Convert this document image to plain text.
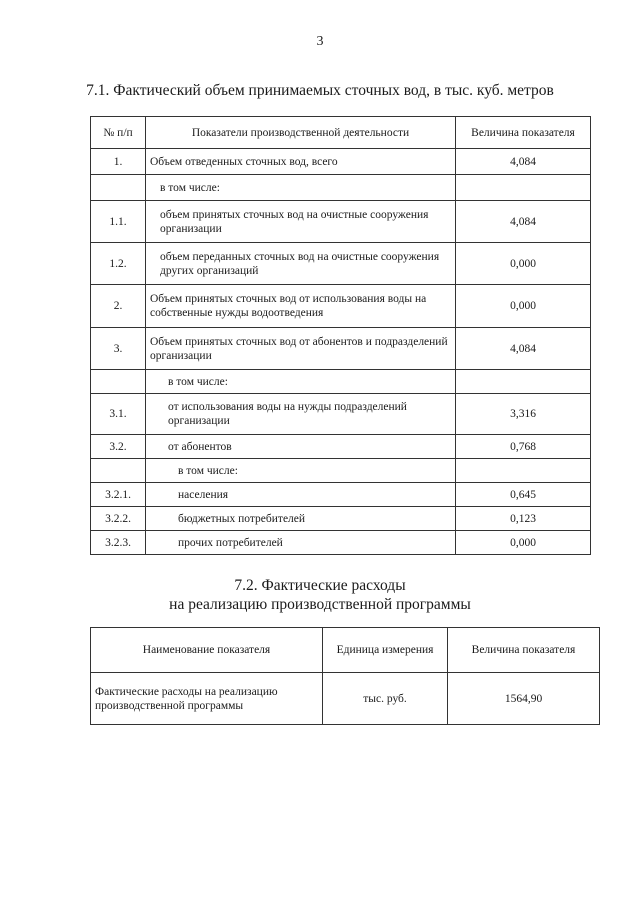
3
7.1. Фактический объем принимаемых сточных вод, в тыс. куб. метров
№ п/п	Показатели производственной деятельности	Величина показателя
1.	Объем отведенных сточных вод, всего	4,084
	в том числе:	
1.1.	объем принятых сточных вод на очистные сооружения организации	4,084
1.2.	объем переданных сточных вод на очистные сооружения других организаций	0,000
2.	Объем принятых сточных вод от использования воды на собственные нужды водоотведения	0,000
3.	Объем принятых сточных вод от абонентов и подразделений организации	4,084
	в том числе:	
3.1.	от использования воды на нужды подразделений организации	3,316
3.2.	от абонентов	0,768
	в том числе:	
3.2.1.	населения	0,645
3.2.2.	бюджетных потребителей	0,123
3.2.3.	прочих потребителей	0,000
7.2. Фактические расходы
на реализацию производственной программы
Наименование показателя	Единица измерения	Величина показателя
Фактические расходы на реализацию производственной программы	тыс. руб.	1564,90
